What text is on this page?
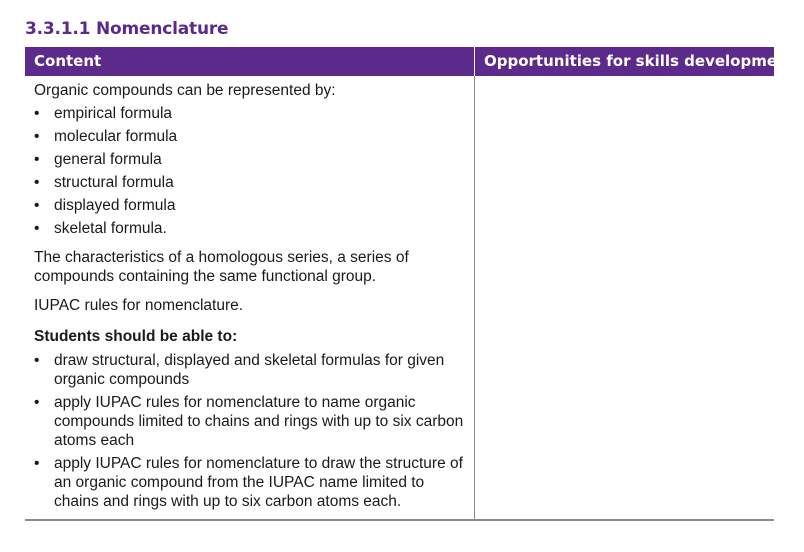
3.3.1.1 Nomenclature
Content	Opportunities for skills development

Organic compounds can be represented by:

• empirical formula
• molecular formula
• general formula
• structural formula
• displayed formula
• skeletal formula.

The characteristics of a homologous series, a series of compounds containing the same functional group.

IUPAC rules for nomenclature.

Students should be able to:

• draw structural, displayed and skeletal formulas for given organic compounds
• apply IUPAC rules for nomenclature to name organic compounds limited to chains and rings with up to six carbon atoms each
• apply IUPAC rules for nomenclature to draw the structure of an organic compound from the IUPAC name limited to chains and rings with up to six carbon atoms each.
